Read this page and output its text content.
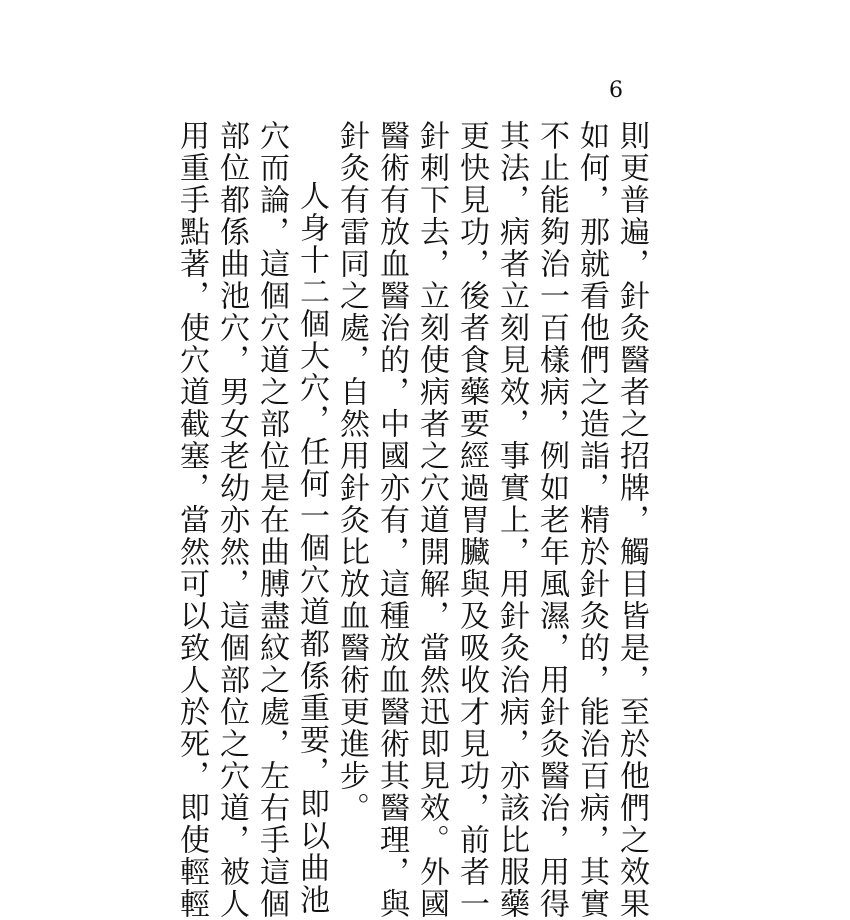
6
則更普遍，針灸醫者之招牌，觸目皆是，至於他們之效果
如何，那就看他們之造詣，精於針灸的，能治百病，其實
不止能夠治一百樣病，例如老年風濕，用針灸醫治，用得
其法，病者立刻見效，事實上，用針灸治病，亦該比服藥
更快見功，後者食藥要經過胃臟與及吸收才見功，前者一
針刺下去，立刻使病者之穴道開解，當然迅即見效。外國
醫術有放血醫治的，中國亦有，這種放血醫術其醫理，與
針灸有雷同之處，自然用針灸比放血醫術更進步。
人身十二個大穴，任何一個穴道都係重要，即以曲池
穴而論，這個穴道之部位是在曲膊盡紋之處，左右手這個
部位都係曲池穴，男女老幼亦然，這個部位之穴道，被人
用重手點著，使穴道截塞，當然可以致人於死，即使輕輕
